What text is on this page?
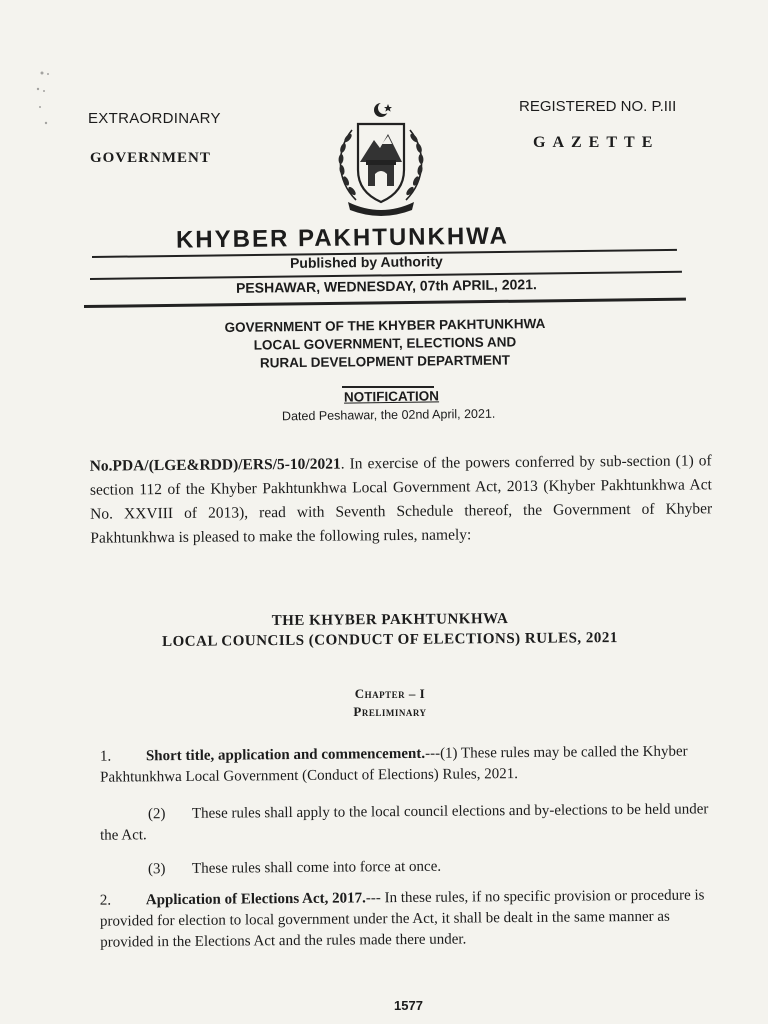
EXTRAORDINARY
GOVERNMENT
REGISTERED NO. P.III
GAZETTE
KHYBER PAKHTUNKHWA
Published by Authority
PESHAWAR, WEDNESDAY, 07th APRIL, 2021.
GOVERNMENT OF THE KHYBER PAKHTUNKHWA
LOCAL GOVERNMENT, ELECTIONS AND
RURAL DEVELOPMENT DEPARTMENT
NOTIFICATION
Dated Peshawar, the 02nd April, 2021.
No.PDA/(LGE&RDD)/ERS/5-10/2021. In exercise of the powers conferred by sub-section (1) of section 112 of the Khyber Pakhtunkhwa Local Government Act, 2013 (Khyber Pakhtunkhwa Act No. XXVIII of 2013), read with Seventh Schedule thereof, the Government of Khyber Pakhtunkhwa is pleased to make the following rules, namely:
THE KHYBER PAKHTUNKHWA
LOCAL COUNCILS (CONDUCT OF ELECTIONS) RULES, 2021
Chapter – I
Preliminary
1. Short title, application and commencement.---(1) These rules may be called the Khyber Pakhtunkhwa Local Government (Conduct of Elections) Rules, 2021.
(2) These rules shall apply to the local council elections and by-elections to be held under the Act.
(3) These rules shall come into force at once.
2. Application of Elections Act, 2017.--- In these rules, if no specific provision or procedure is provided for election to local government under the Act, it shall be dealt in the same manner as provided in the Elections Act and the rules made there under.
1577
